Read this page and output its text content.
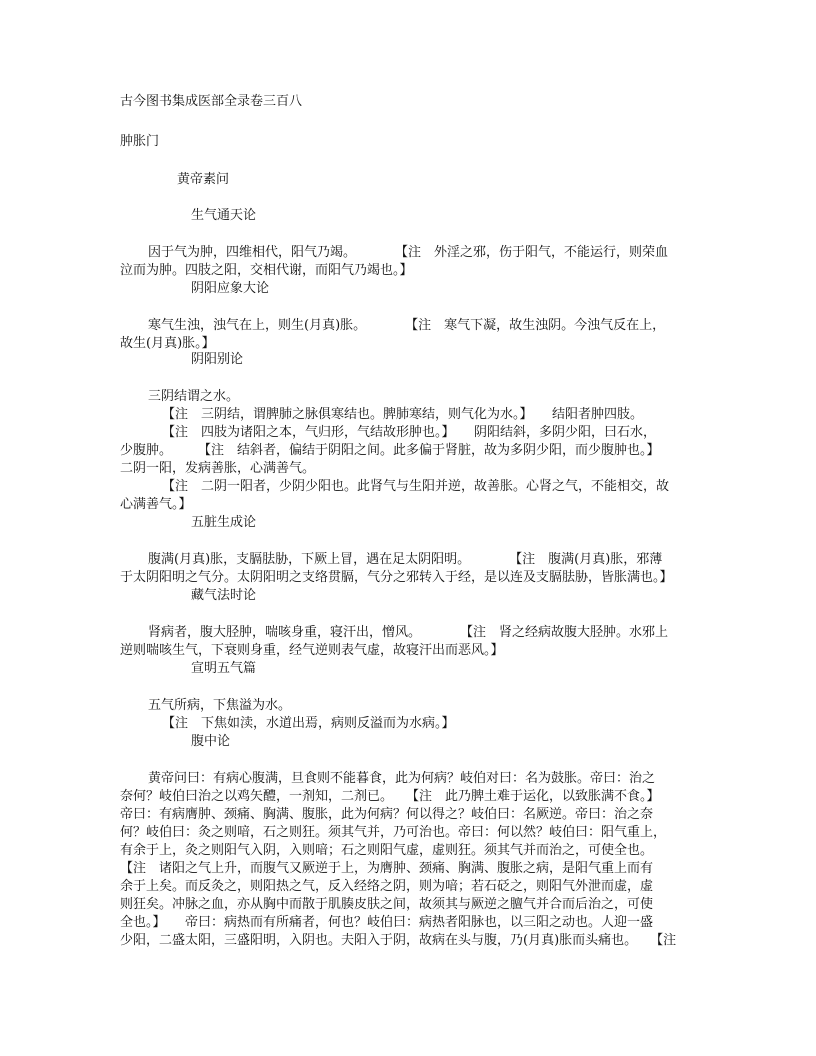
古今图书集成医部全录卷三百八
肿胀门
黄帝素问
生气通天论
因于气为肿，四维相代，阳气乃竭。　　　　【注　外淫之邪，伤于阳气，不能运行，则荣血
泣而为肿。四肢之阳，交相代谢，而阳气乃竭也。】
阴阳应象大论
寒气生浊，浊气在上，则生(月真)胀。　　　　【注　寒气下凝，故生浊阴。今浊气反在上，
故生(月真)胀。】
阴阳别论
三阴结谓之水。
【注　三阴结，谓脾肺之脉俱寒结也。脾肺寒结，则气化为水。】　　结阳者肿四肢。
【注　四肢为诸阳之本，气归形，气结故形肿也。】　　阴阳结斜，多阴少阳，曰石水，
少腹肿。　　　【注　结斜者，偏结于阴阳之间。此多偏于肾脏，故为多阴少阳，而少腹肿也。】
二阴一阳，发病善胀，心满善气。
【注　二阴一阳者，少阴少阳也。此肾气与生阳并逆，故善胀。心肾之气，不能相交，故
心满善气。】
五脏生成论
腹满(月真)胀，支膈胠胁，下厥上冒，遇在足太阴阳明。　　　　【注　腹满(月真)胀，邪薄
于太阴阳明之气分。太阴阳明之支络贯膈，气分之邪转入于经，是以连及支膈胠胁，皆胀满也。】
藏气法时论
肾病者，腹大胫肿，喘咳身重，寝汗出，憎风。　　　　【注　肾之经病故腹大胫肿。水邪上
逆则喘咳生气，下衰则身重，经气逆则表气虚，故寝汗出而恶风。】
宣明五气篇
五气所病，下焦溢为水。
【注　下焦如渎，水道出焉，病则反溢而为水病。】
腹中论
黄帝问曰：有病心腹满，旦食则不能暮食，此为何病？岐伯对曰：名为鼓胀。帝曰：治之
奈何？岐伯曰治之以鸡矢醴，一剂知，二剂已。　　【注　此乃脾土难于运化，以致胀满不食。】
帝曰：有病膺肿、颈痛、胸满、腹胀，此为何病？何以得之？岐伯曰：名厥逆。帝曰：治之奈
何？岐伯曰：灸之则喑，石之则狂。须其气并，乃可治也。帝曰：何以然？岐伯曰：阳气重上，
有余于上，灸之则阳气入阴，入则喑；石之则阳气虚，虚则狂。须其气并而治之，可使全也。
【注　诸阳之气上升，而腹气又厥逆于上，为膺肿、颈痛、胸满、腹胀之病，是阳气重上而有
余于上矣。而反灸之，则阳热之气，反入经络之阴，则为喑；若石砭之，则阳气外泄而虚，虚
则狂矣。冲脉之血，亦从胸中而散于肌腠皮肤之间，故须其与厥逆之膻气并合而后治之，可使
全也。】　　帝曰：病热而有所痛者，何也？岐伯曰：病热者阳脉也，以三阳之动也。人迎一盛
少阳，二盛太阳，三盛阳明，入阴也。夫阳入于阴，故病在头与腹，乃(月真)胀而头痛也。　　【注
